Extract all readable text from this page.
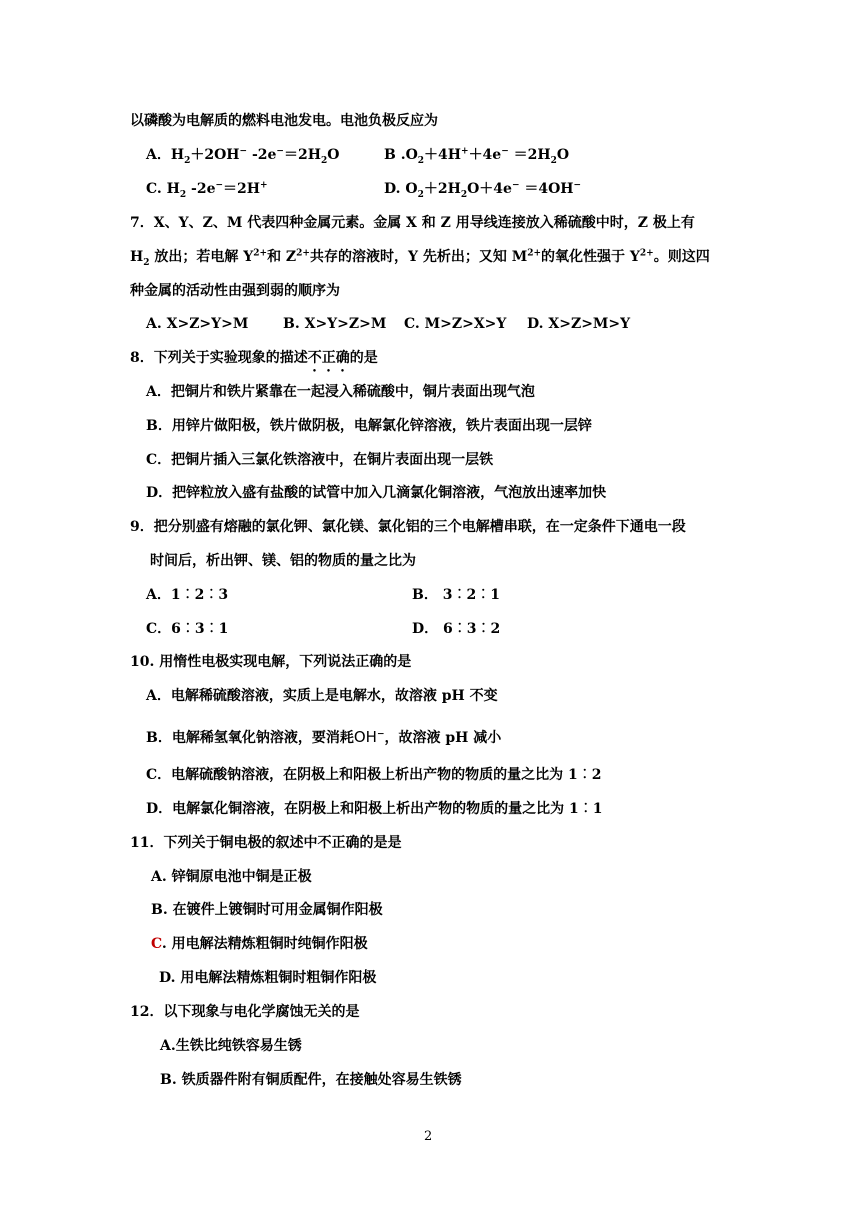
以磷酸为电解质的燃料电池发电。电池负极反应为
A．$H_2+2OH^-$ $-2e^-=2H_2O$	B $.O_2+4H^++4e^- =2H_2O$
C. $H_2$ -2e−＝2H+	D. $O_2+2H_2O+4e^- =4OH^-$
7．X、Y、Z、M 代表四种金属元素。金属 X 和 Z 用导线连接放入稀硫酸中时，Z 极上有
$H_2$ 放出；若电解 $Y^{2+}$和 $Z^{2+}$共存的溶液时，Y 先析出；又知 $M^{2+}$的氧化性强于 $Y^{2+}$。则这四
种金属的活动性由强到弱的顺序为
A. X>Z>Y>M B. X>Y>Z>M C. M>Z>X>Y D. X>Z>M>Y
8．下列关于实验现象的描述不正确的是
A．把铜片和铁片紧靠在一起浸入稀硫酸中，铜片表面出现气泡
B．用锌片做阳极，铁片做阴极，电解氯化锌溶液，铁片表面出现一层锌
C．把铜片插入三氯化铁溶液中，在铜片表面出现一层铁
D．把锌粒放入盛有盐酸的试管中加入几滴氯化铜溶液，气泡放出速率加快
9．把分别盛有熔融的氯化钾、氯化镁、氯化铝的三个电解槽串联，在一定条件下通电一段
时间后，析出钾、镁、铝的物质的量之比为
A．1︰2︰3	B． 3︰2︰1
C．6︰3︰1	D． 6︰3︰2
10. 用惰性电极实现电解，下列说法正确的是
A．电解稀硫酸溶液，实质上是电解水，故溶液 pH 不变
B．电解稀氢氧化钠溶液，要消耗OH−，故溶液 pH 减小
C．电解硫酸钠溶液，在阴极上和阳极上析出产物的物质的量之比为 1︰2
D．电解氯化铜溶液，在阴极上和阳极上析出产物的物质的量之比为 1︰1
11．下列关于铜电极的叙述中不正确的是是
A. 锌铜原电池中铜是正极
B. 在镀件上镀铜时可用金属铜作阳极
C. 用电解法精炼粗铜时纯铜作阳极
D. 用电解法精炼粗铜时粗铜作阳极
12．以下现象与电化学腐蚀无关的是
A.生铁比纯铁容易生锈
B. 铁质器件附有铜质配件，在接触处容易生铁锈
2
